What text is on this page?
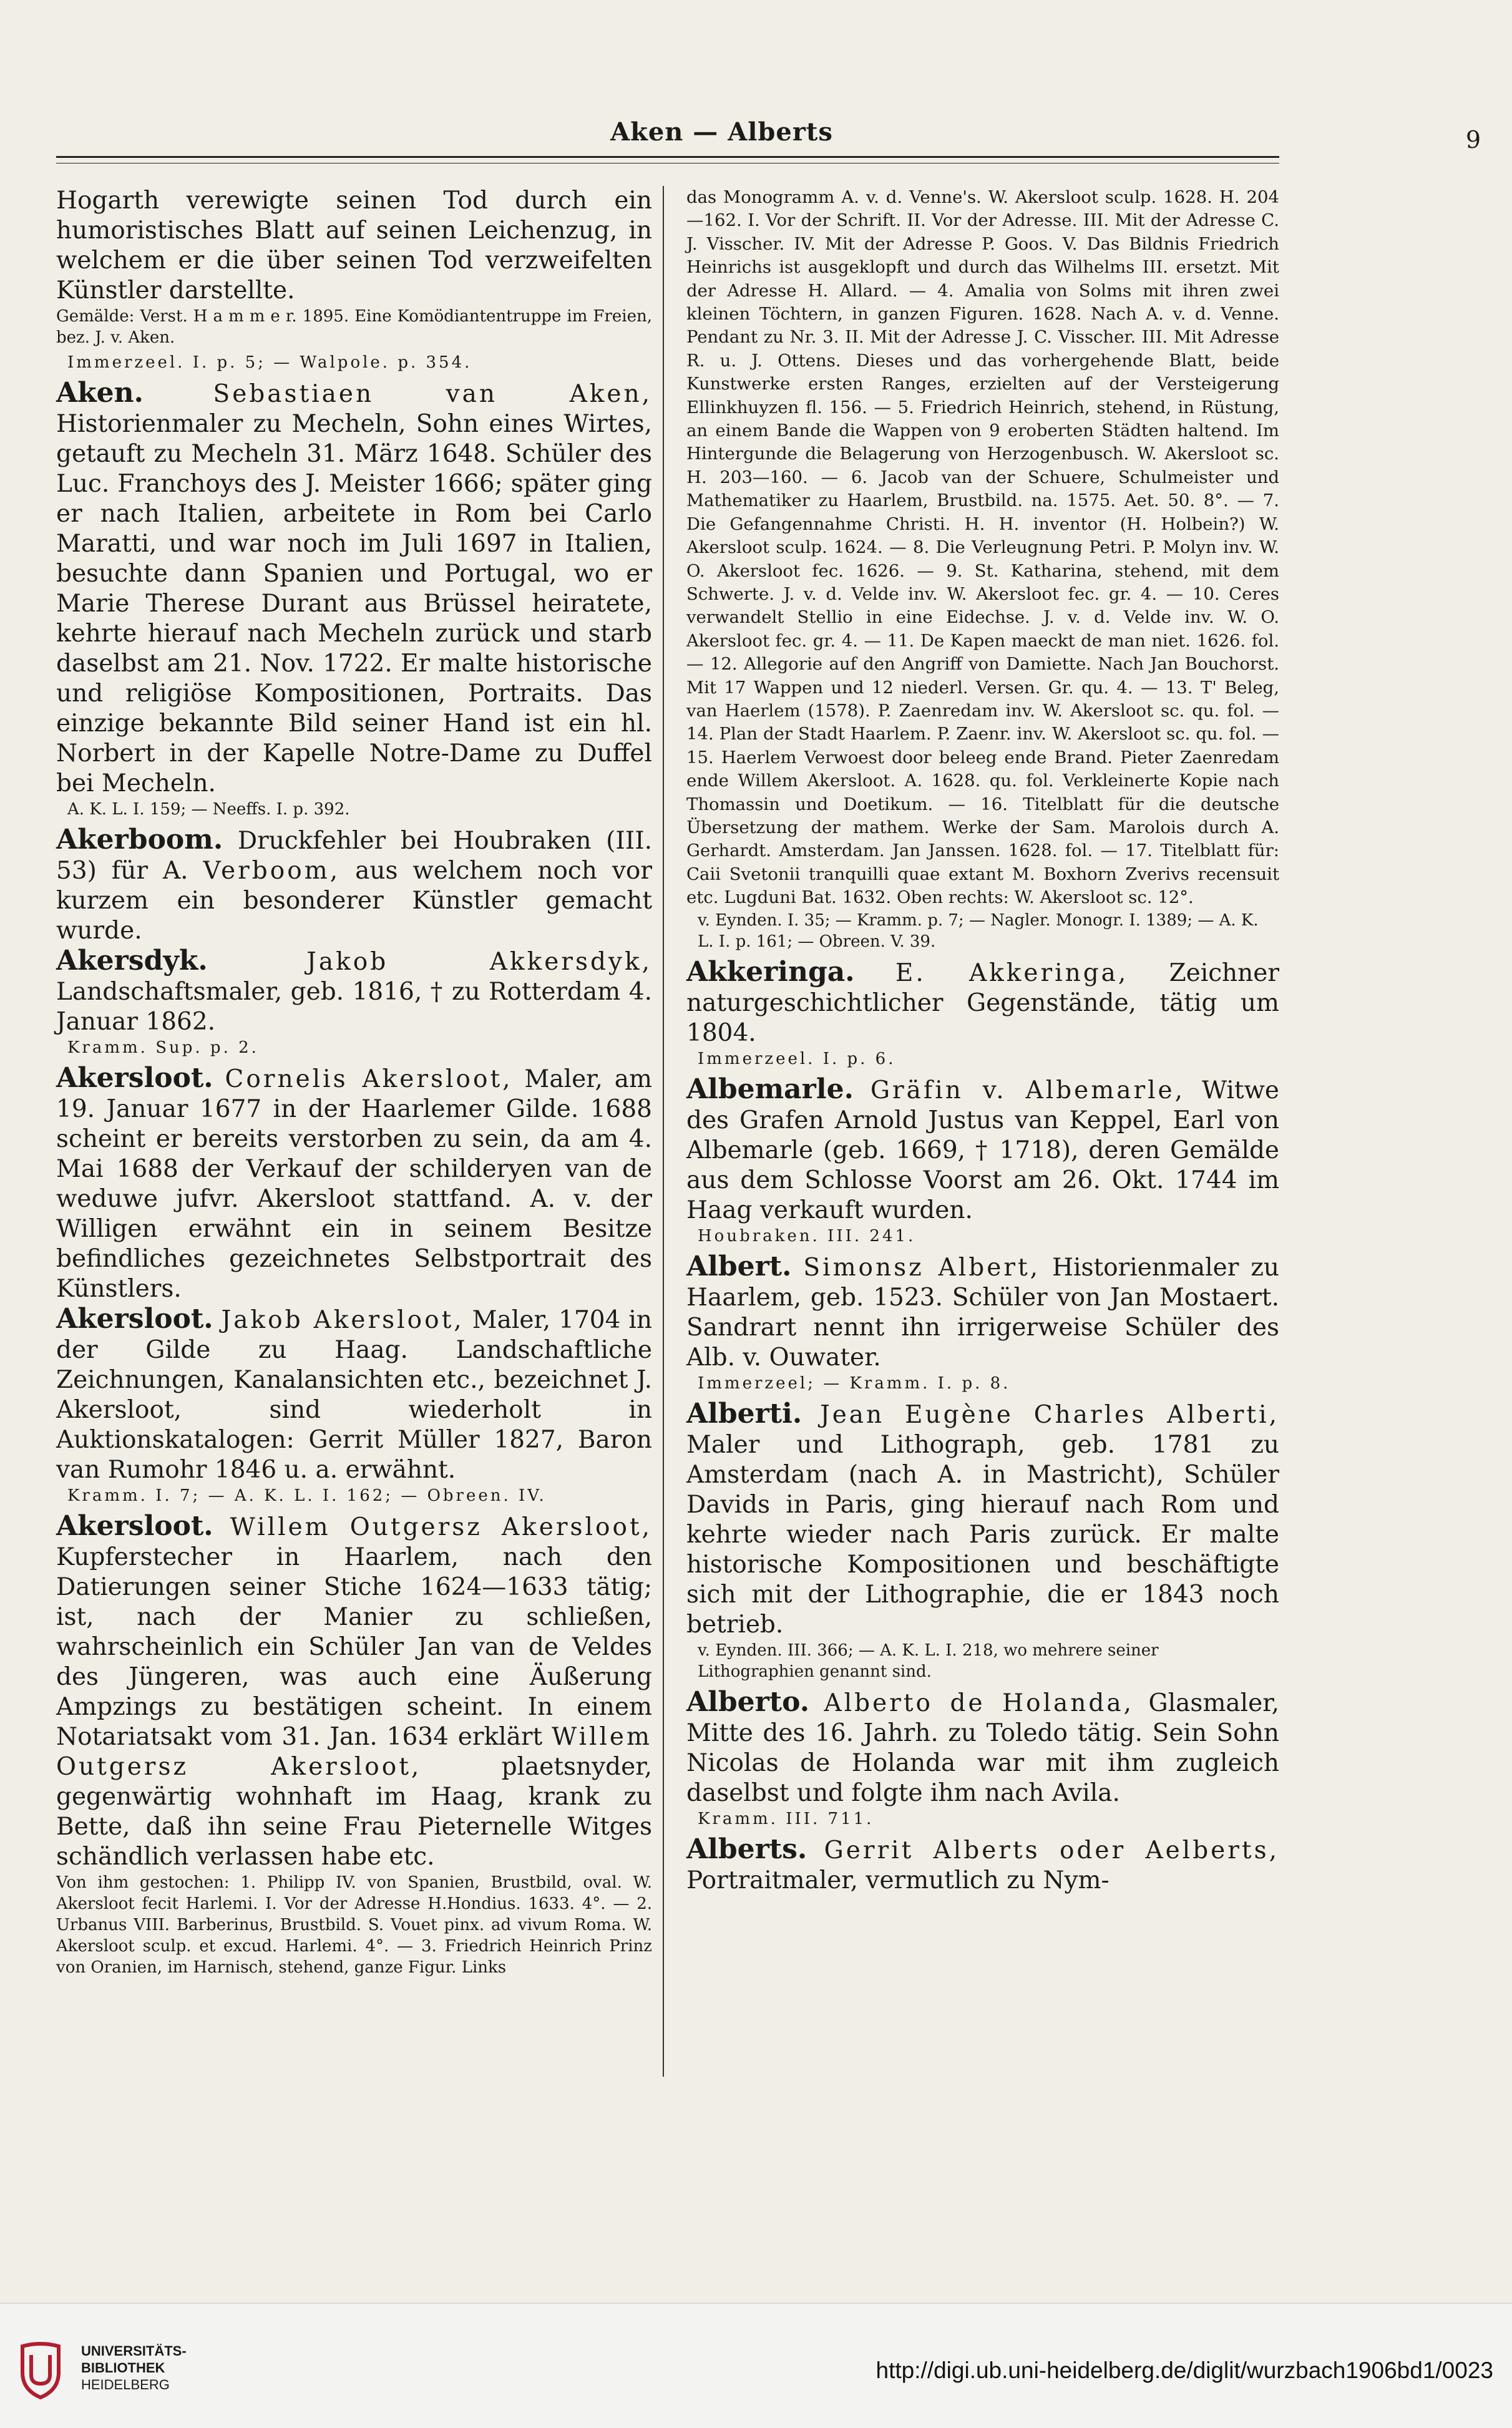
Aken — Alberts	9

Hogarth verewigte seinen Tod durch ein humoristisches Blatt auf seinen Leichenzug, in welchem er die über seinen Tod verzweifelten Künstler darstellte.

Gemälde: Verst. H a m m e r. 1895. Eine Komödiantentruppe im Freien, bez. J. v. Aken.

Immerzeel. I. p. 5; — Walpole. p. 354.

Aken.	Sebastiaen van Aken, Historienmaler zu Mecheln, Sohn eines Wirtes, getauft zu Mecheln 31. März 1648. Schüler des Luc. Franchoys des J. Meister 1666; später ging er nach Italien, arbeitete in Rom bei Carlo Maratti, und war noch im Juli 1697 in Italien, besuchte dann Spanien und Portugal, wo er Marie Therese Durant aus Brüssel heiratete, kehrte hierauf nach Mecheln zurück und starb daselbst am 21. Nov. 1722. Er malte historische und religiöse Kompositionen, Portraits. Das einzige bekannte Bild seiner Hand ist ein hl. Norbert in der Kapelle Notre-Dame zu Duffel bei Mecheln.

A. K. L. I. 159; — Neeffs. I. p. 392.

Akerboom. Druckfehler bei Houbraken (III. 53) für A. Verboom, aus welchem noch vor kurzem ein besonderer Künstler gemacht wurde.

Akersdyk.	Jakob Akkersdyk, Landschaftsmaler, geb. 1816, † zu Rotterdam 4. Januar 1862.

Kramm. Sup. p. 2.

Akersloot. Cornelis Akersloot, Maler, am 19. Januar 1677 in der Haarlemer Gilde. 1688 scheint er bereits verstorben zu sein, da am 4. Mai 1688 der Verkauf der schilderyen van de weduwe jufvr. Akersloot stattfand. A. v. der Willigen erwähnt ein in seinem Besitze befindliches gezeichnetes Selbstportrait des Künstlers.

Akersloot. Jakob Akersloot, Maler, 1704 in der Gilde zu Haag. Landschaftliche Zeichnungen, Kanalansichten etc., bezeichnet J. Akersloot, sind wiederholt in Auktionskatalogen: Gerrit Müller 1827, Baron van Rumohr 1846 u. a. erwähnt.

Kramm. I. 7; — A. K. L. I. 162; — Obreen. IV.

Akersloot. Willem Outgersz Akersloot, Kupferstecher in Haarlem, nach den Datierungen seiner Stiche 1624—1633 tätig; ist, nach der Manier zu schließen, wahrscheinlich ein Schüler Jan van de Veldes des Jüngeren, was auch eine Äußerung Ampzings zu bestätigen scheint. In einem Notariatsakt vom 31. Jan. 1634 erklärt Willem Outgersz Akersloot,	plaetsnyder, gegenwärtig wohnhaft im Haag, krank zu Bette, daß ihn seine Frau Pieternelle Witges schändlich verlassen habe etc.

Von ihm gestochen: 1. Philipp IV. von Spanien, Brustbild, oval. W. Akersloot fecit Harlemi. I. Vor der Adresse H.Hondius. 1633. 4°. — 2. Urbanus VIII. Barberinus, Brustbild. S. Vouet pinx. ad vivum Roma. W. Akersloot sculp. et excud. Harlemi. 4°. — 3. Friedrich Heinrich Prinz von Oranien, im Harnisch, stehend, ganze Figur. Links

das Monogramm A. v. d. Venne's. W. Akersloot sculp. 1628. H. 204—162. I. Vor der Schrift. II. Vor der Adresse. III. Mit der Adresse C. J. Visscher. IV. Mit der Adresse P. Goos. V. Das Bildnis Friedrich Heinrichs ist ausgeklopft und durch das Wilhelms III. ersetzt. Mit der Adresse H. Allard. — 4. Amalia von Solms mit ihren zwei kleinen Töchtern, in ganzen Figuren. 1628. Nach A. v. d. Venne. Pendant zu Nr. 3. II. Mit der Adresse J. C. Visscher. III. Mit Adresse R. u. J. Ottens. Dieses und das vorhergehende Blatt, beide Kunstwerke ersten Ranges, erzielten auf der Versteigerung Ellinkhuyzen fl. 156. — 5. Friedrich Heinrich, stehend, in Rüstung, an einem Bande die Wappen von 9 eroberten Städten haltend. Im Hintergunde die Belagerung von Herzogenbusch. W. Akersloot sc. H. 203—160. — 6. Jacob van der Schuere, Schulmeister und Mathematiker zu Haarlem, Brustbild. na. 1575. Aet. 50. 8°. — 7. Die Gefangennahme Christi. H. H. inventor (H. Holbein?) W. Akersloot sculp. 1624. — 8. Die Verleugnung Petri. P. Molyn inv. W. O. Akersloot fec. 1626. — 9. St. Katharina, stehend, mit dem Schwerte. J. v. d. Velde inv. W. Akersloot fec. gr. 4. — 10. Ceres verwandelt Stellio in eine Eidechse. J. v. d. Velde inv. W. O. Akersloot fec. gr. 4. — 11. De Kapen maeckt de man niet. 1626. fol. — 12. Allegorie auf den Angriff von Damiette. Nach Jan Bouchorst. Mit 17 Wappen und 12 niederl. Versen. Gr. qu. 4. — 13. T' Beleg, van Haerlem (1578). P. Zaenredam inv. W. Akersloot sc. qu. fol. — 14. Plan der Stadt Haarlem. P. Zaenr. inv. W. Akersloot sc. qu. fol. — 15. Haerlem Verwoest door beleeg ende Brand. Pieter Zaenredam ende Willem Akersloot. A. 1628. qu. fol. Verkleinerte Kopie nach Thomassin und Doetikum. — 16. Titelblatt für die deutsche Übersetzung der mathem. Werke der Sam. Marolois durch A. Gerhardt. Amsterdam. Jan Janssen. 1628. fol. — 17. Titelblatt für: Caii Svetonii tranquilli quae extant M. Boxhorn Zverivs recensuit etc. Lugduni Bat. 1632. Oben rechts: W. Akersloot sc. 12°.

v. Eynden. I. 35; — Kramm. p. 7; — Nagler. Monogr. I. 1389; — A. K. L. I. p. 161; — Obreen. V. 39.

Akkeringa. E. Akkeringa, Zeichner naturgeschichtlicher Gegenstände, tätig um 1804.

Immerzeel. I. p. 6.

Albemarle. Gräfin v. Albemarle, Witwe des Grafen Arnold Justus van Keppel, Earl von Albemarle (geb. 1669, † 1718), deren Gemälde aus dem Schlosse Voorst am 26. Okt. 1744 im Haag verkauft wurden.

Houbraken. III. 241.

Albert. Simonsz Albert, Historienmaler zu Haarlem, geb. 1523. Schüler von Jan Mostaert. Sandrart nennt ihn irrigerweise Schüler des Alb. v. Ouwater.

Immerzeel; — Kramm. I. p. 8.

Alberti. Jean Eugène Charles Alberti, Maler und Lithograph, geb. 1781 zu Amsterdam (nach A. in Mastricht), Schüler Davids in Paris, ging hierauf nach Rom und kehrte wieder nach Paris zurück. Er malte historische Kompositionen und beschäftigte sich mit der Lithographie, die er 1843 noch betrieb.

v. Eynden. III. 366; — A. K. L. I. 218, wo mehrere seiner Lithographien genannt sind.

Alberto. Alberto de Holanda, Glasmaler, Mitte des 16. Jahrh. zu Toledo tätig. Sein Sohn Nicolas de Holanda war mit ihm zugleich daselbst und folgte ihm nach Avila.

Kramm. III. 711.

Alberts. Gerrit Alberts oder Aelberts, Portraitmaler, vermutlich zu Nym-

UNIVERSITÄTS-
BIBLIOTHEK
HEIDELBERG
http://digi.ub.uni-heidelberg.de/diglit/wurzbach1906bd1/0023
